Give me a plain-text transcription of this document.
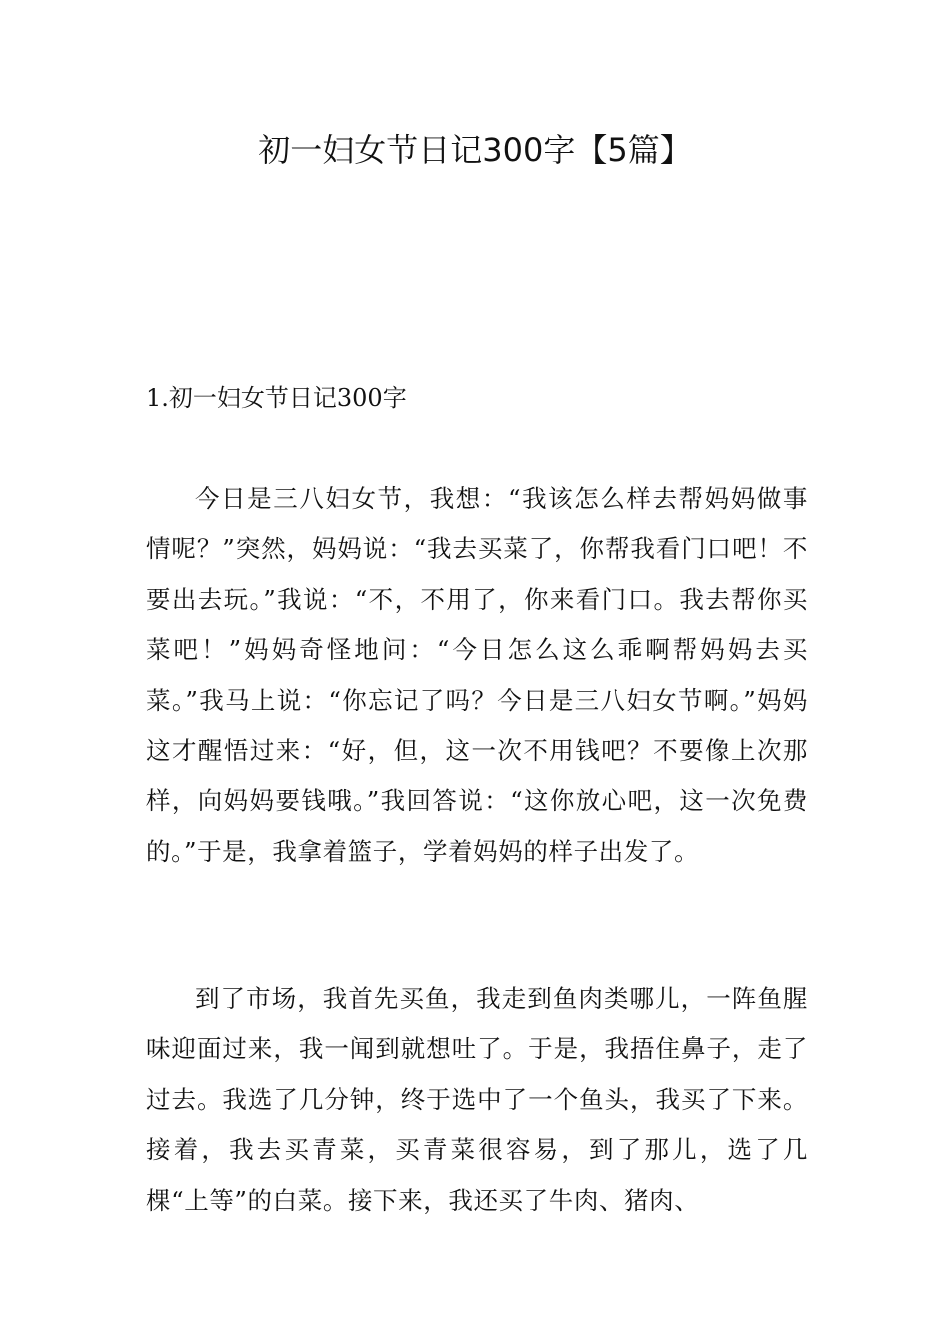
初一妇女节日记300字【5篇】
1.初一妇女节日记300字

今日是三八妇女节，我想：“我该怎么样去帮妈妈做事情呢？”突然，妈妈说：“我去买菜了，你帮我看门口吧！不要出去玩。”我说：“不，不用了，你来看门口。我去帮你买菜吧！”妈妈奇怪地问：“今日怎么这么乖啊帮妈妈去买菜。”我马上说：“你忘记了吗？今日是三八妇女节啊。”妈妈这才醒悟过来：“好，但，这一次不用钱吧？不要像上次那样，向妈妈要钱哦。”我回答说：“这你放心吧，这一次免费的。”于是，我拿着篮子，学着妈妈的样子出发了。

到了市场，我首先买鱼，我走到鱼肉类哪儿，一阵鱼腥味迎面过来，我一闻到就想吐了。于是，我捂住鼻子，走了过去。我选了几分钟，终于选中了一个鱼头，我买了下来。接着，我去买青菜，买青菜很容易，到了那儿，选了几棵“上等”的白菜。接下来，我还买了牛肉、猪肉、
